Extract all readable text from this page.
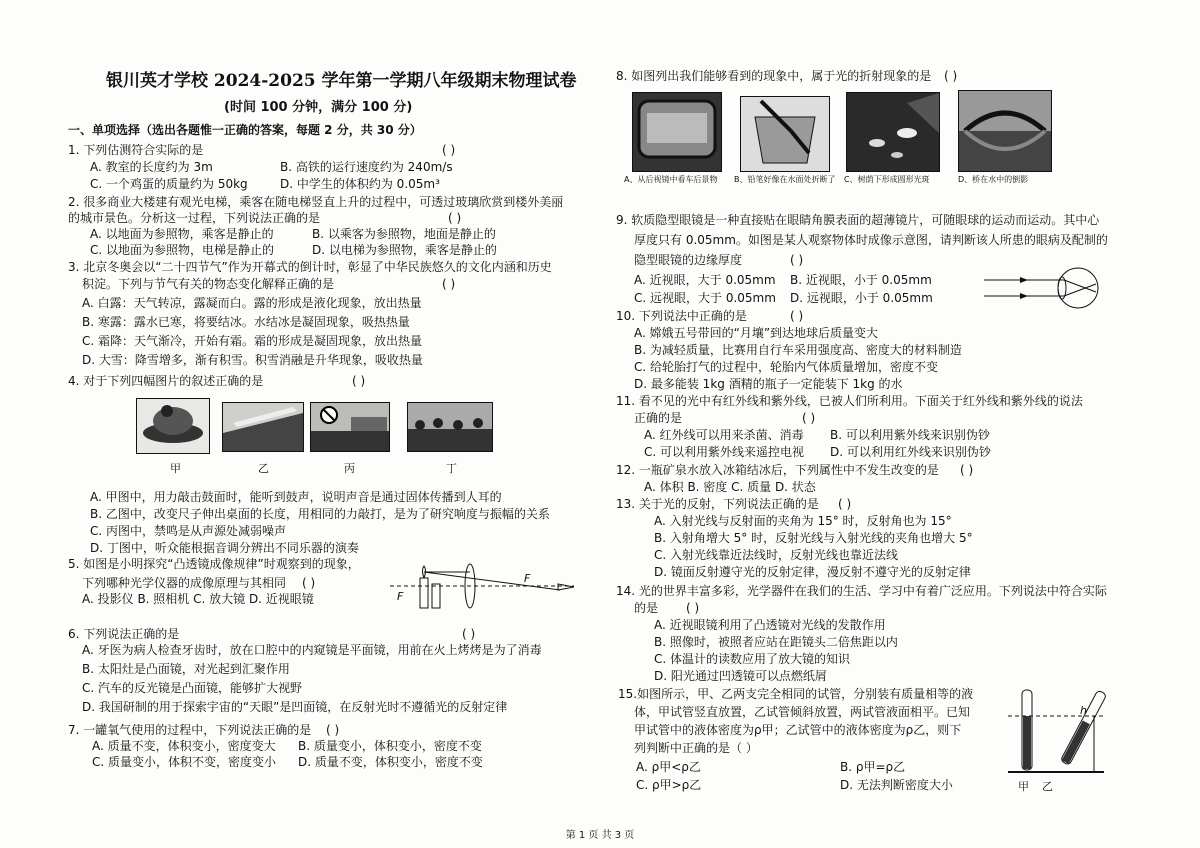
银川英才学校 2024-2025 学年第一学期八年级期末物理试卷
(时间 100 分钟，满分 100 分)
一、单项选择（选出各题惟一正确的答案，每题 2 分，共 30 分）
1. 下列估测符合实际的是	( )
A. 教室的长度约为 3m	B. 高铁的运行速度约为 240m/s
C. 一个鸡蛋的质量约为 50kg	D. 中学生的体积约为 0.05m³
2. 很多商业大楼建有观光电梯，乘客在随电梯竖直上升的过程中，可透过玻璃欣赏到楼外美丽
的城市景色。分析这一过程，下列说法正确的是	( )
A. 以地面为参照物，乘客是静止的	B. 以乘客为参照物，地面是静止的
C. 以地面为参照物，电梯是静止的	D. 以电梯为参照物，乘客是静止的
3. 北京冬奥会以“二十四节气”作为开幕式的倒计时，彰显了中华民族悠久的文化内涵和历史
积淀。下列与节气有关的物态变化解释正确的是	( )
A. 白露：天气转凉，露凝而白。露的形成是液化现象，放出热量
B. 寒露：露水已寒，将要结冰。水结冰是凝固现象，吸热热量
C. 霜降：天气渐冷，开始有霜。霜的形成是凝固现象，放出热量
D. 大雪：降雪增多，渐有积雪。积雪消融是升华现象，吸收热量
4. 对于下列四幅图片的叙述正确的是	( )
甲	乙	丙	丁
A. 甲图中，用力敲击鼓面时，能听到鼓声，说明声音是通过固体传播到人耳的
B. 乙图中，改变尺子伸出桌面的长度，用相同的力敲打，是为了研究响度与振幅的关系
C. 丙图中，禁鸣是从声源处减弱噪声
D. 丁图中，听众能根据音调分辨出不同乐器的演奏
5. 如图是小明探究“凸透镜成像规律”时观察到的现象，
下列哪种光学仪器的成像原理与其相同 ( )
A. 投影仪 B. 照相机 C. 放大镜 D. 近视眼镜	F
F
6. 下列说法正确的是	( )
A. 牙医为病人检查牙齿时，放在口腔中的内窥镜是平面镜，用前在火上烤烤是为了消毒
B. 太阳灶是凸面镜，对光起到汇聚作用
C. 汽车的反光镜是凸面镜，能够扩大视野
D. 我国研制的用于探索宇宙的“天眼”是凹面镜，在反射光时不遵循光的反射定律
7. 一罐氧气使用的过程中，下列说法正确的是 ( )
A. 质量不变，体积变小，密度变大 B. 质量变小，体积变小，密度不变
C. 质量变小，体积不变，密度变小 D. 质量不变，体积变小，密度不变
8. 如图列出我们能够看到的现象中，属于光的折射现象的是 ( )
A、从后视镜中看车后景物 B、铅笔好像在水面处折断了 C、树荫下形成圆形光斑	D、桥在水中的倒影
9. 软质隐型眼镜是一种直接贴在眼睛角膜表面的超薄镜片，可随眼球的运动而运动。其中心
厚度只有 0.05mm。如图是某人观察物体时成像示意图，请判断该人所患的眼病及配制的
隐型眼镜的边缘厚度	( )
A. 近视眼，大于 0.05mm B. 近视眼，小于 0.05mm
C. 远视眼，大于 0.05mm D. 远视眼，小于 0.05mm
10. 下列说法中正确的是	( )
A. 嫦娥五号带回的“月壤”到达地球后质量变大
B. 为减轻质量，比赛用自行车采用强度高、密度大的材料制造
C. 给轮胎打气的过程中，轮胎内气体质量增加，密度不变
D. 最多能装 1kg 酒精的瓶子一定能装下 1kg 的水
11. 看不见的光中有红外线和紫外线，已被人们所利用。下面关于红外线和紫外线的说法
正确的是	( )
A. 红外线可以用来杀菌、消毒 B. 可以利用紫外线来识别伪钞
C. 可以利用紫外线来遥控电视 D. 可以利用红外线来识别伪钞
12. 一瓶矿泉水放入冰箱结冰后，下列属性中不发生改变的是 ( )
A. 体积 B. 密度 C. 质量 D. 状态
13. 关于光的反射，下列说法正确的是 ( )
A. 入射光线与反射面的夹角为 15° 时，反射角也为 15°
B. 入射角增大 5° 时，反射光线与入射光线的夹角也增大 5°
C. 入射光线靠近法线时，反射光线也靠近法线
D. 镜面反射遵守光的反射定律，漫反射不遵守光的反射定律
14. 光的世界丰富多彩，光学器件在我们的生活、学习中有着广泛应用。下列说法中符合实际
的是 ( )
A. 近视眼镜利用了凸透镜对光线的发散作用
B. 照像时，被照者应站在距镜头二倍焦距以内
C. 体温计的读数应用了放大镜的知识
D. 阳光通过凹透镜可以点燃纸屑
15.如图所示，甲、乙两支完全相同的试管，分别装有质量相等的液
体，甲试管竖直放置，乙试管倾斜放置，两试管液面相平。已知
甲试管中的液体密度为ρ甲；乙试管中的液体密度为ρ乙，则下
列判断中正确的是（ ）
A. ρ甲<ρ乙	B. ρ甲=ρ乙
C. ρ甲>ρ乙	D. 无法判断密度大小
h
甲 乙
第 1 页 共 3 页
